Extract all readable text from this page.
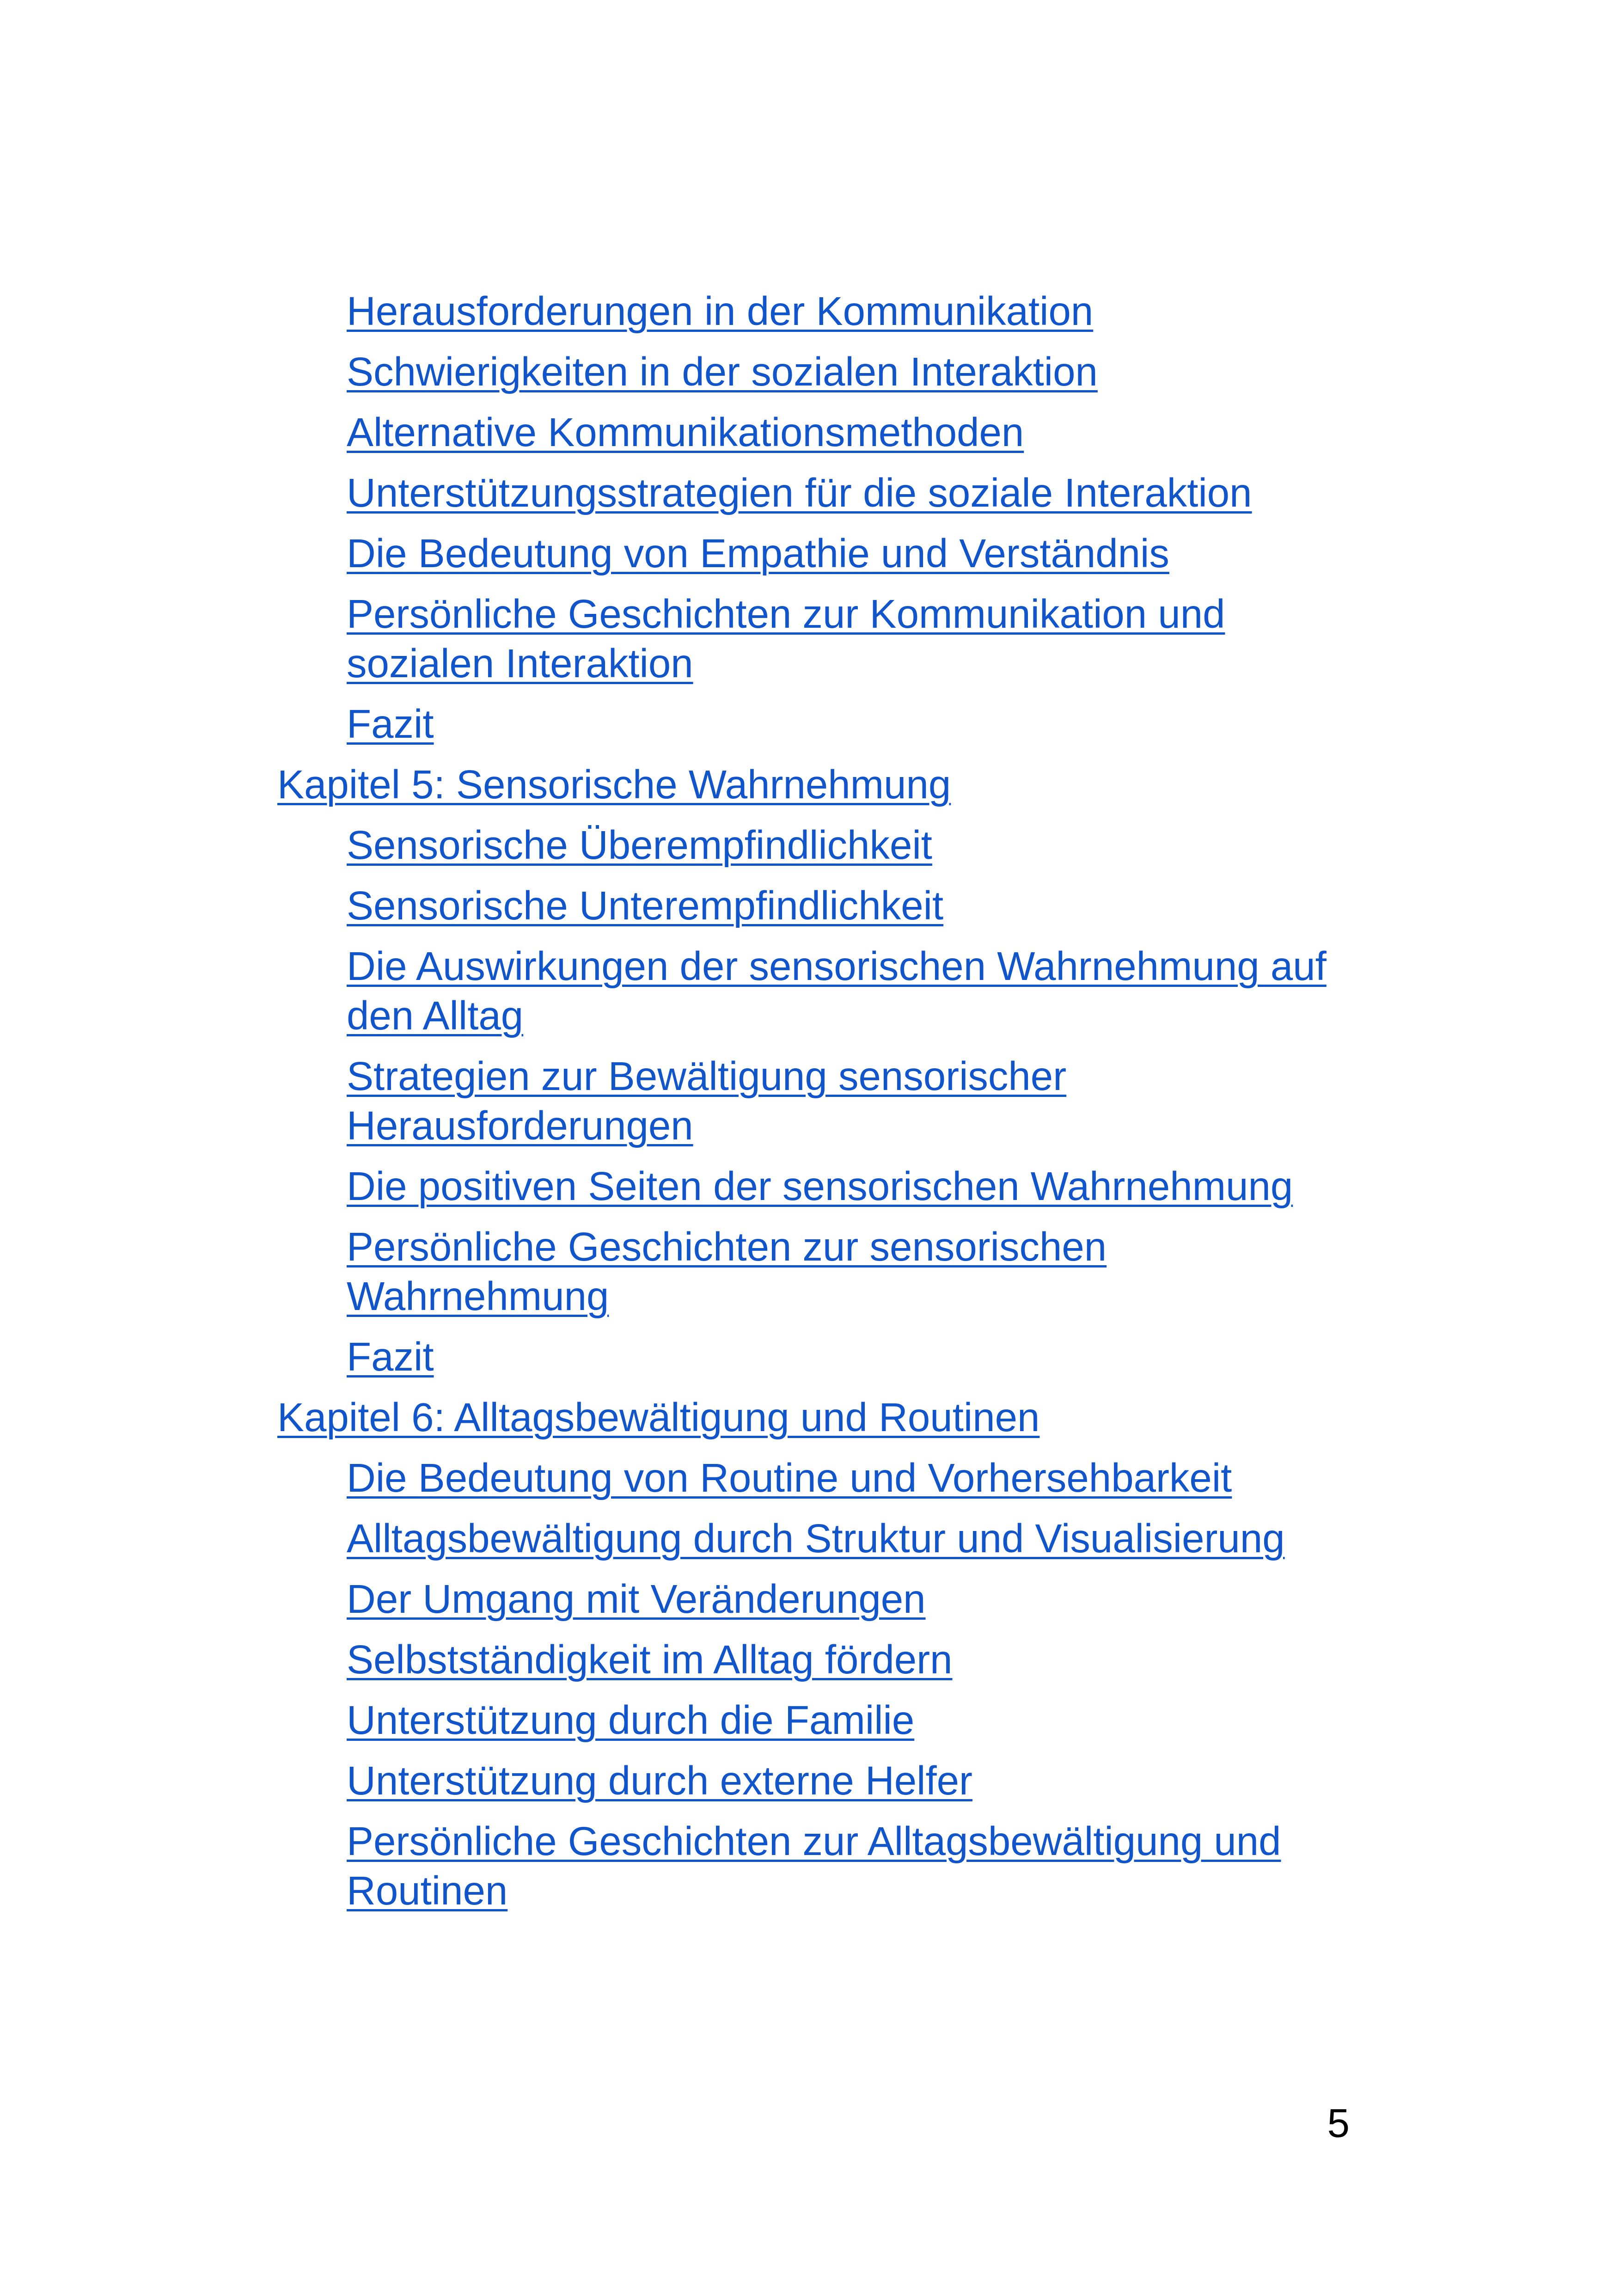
Herausforderungen in der Kommunikation
Schwierigkeiten in der sozialen Interaktion
Alternative Kommunikationsmethoden
Unterstützungsstrategien für die soziale Interaktion
Die Bedeutung von Empathie und Verständnis
Persönliche Geschichten zur Kommunikation und sozialen Interaktion
Fazit
Kapitel 5: Sensorische Wahrnehmung
Sensorische Überempfindlichkeit
Sensorische Unterempfindlichkeit
Die Auswirkungen der sensorischen Wahrnehmung auf den Alltag
Strategien zur Bewältigung sensorischer Herausforderungen
Die positiven Seiten der sensorischen Wahrnehmung
Persönliche Geschichten zur sensorischen Wahrnehmung
Fazit
Kapitel 6: Alltagsbewältigung und Routinen
Die Bedeutung von Routine und Vorhersehbarkeit
Alltagsbewältigung durch Struktur und Visualisierung
Der Umgang mit Veränderungen
Selbstständigkeit im Alltag fördern
Unterstützung durch die Familie
Unterstützung durch externe Helfer
Persönliche Geschichten zur Alltagsbewältigung und Routinen
5
